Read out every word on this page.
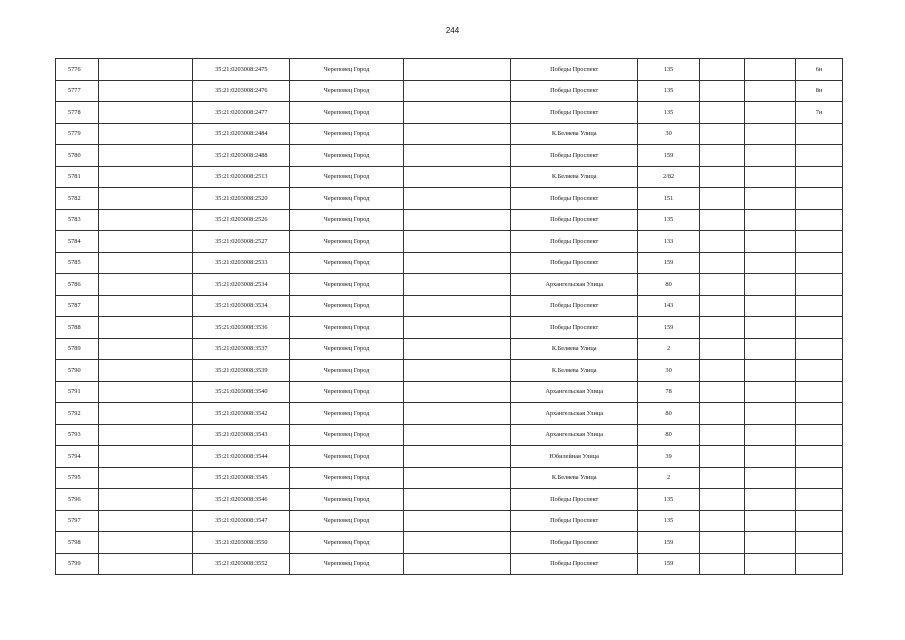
244
5776		35:21:0203008:2475	Череповец Город		Победы Проспект	135			6н
5777		35:21:0203008:2476	Череповец Город		Победы Проспект	135			8н
5778		35:21:0203008:2477	Череповец Город		Победы Проспект	135			7н
5779		35:21:0203008:2484	Череповец Город		К.Беляева Улица	30			
5780		35:21:0203008:2488	Череповец Город		Победы Проспект	159			
5781		35:21:0203008:2513	Череповец Город		К.Беляева Улица	2/82			
5782		35:21:0203008:2520	Череповец Город		Победы Проспект	151			
5783		35:21:0203008:2526	Череповец Город		Победы Проспект	135			
5784		35:21:0203008:2527	Череповец Город		Победы Проспект	133			
5785		35:21:0203008:2533	Череповец Город		Победы Проспект	159			
5786		35:21:0203008:2534	Череповец Город		Архангельская Улица	80			
5787		35:21:0203008:3534	Череповец Город		Победы Проспект	143			
5788		35:21:0203008:3536	Череповец Город		Победы Проспект	159			
5789		35:21:0203008:3537	Череповец Город		К.Беляева Улица	2			
5790		35:21:0203008:3539	Череповец Город		К.Беляева Улица	30			
5791		35:21:0203008:3540	Череповец Город		Архангельская Улица	78			
5792		35:21:0203008:3542	Череповец Город		Архангельская Улица	80			
5793		35:21:0203008:3543	Череповец Город		Архангельская Улица	80			
5794		35:21:0203008:3544	Череповец Город		Юбилейная Улица	39			
5795		35:21:0203008:3545	Череповец Город		К.Беляева Улица	2			
5796		35:21:0203008:3546	Череповец Город		Победы Проспект	135			
5797		35:21:0203008:3547	Череповец Город		Победы Проспект	135			
5798		35:21:0203008:3550	Череповец Город		Победы Проспект	159			
5799		35:21:0203008:3552	Череповец Город		Победы Проспект	159			
